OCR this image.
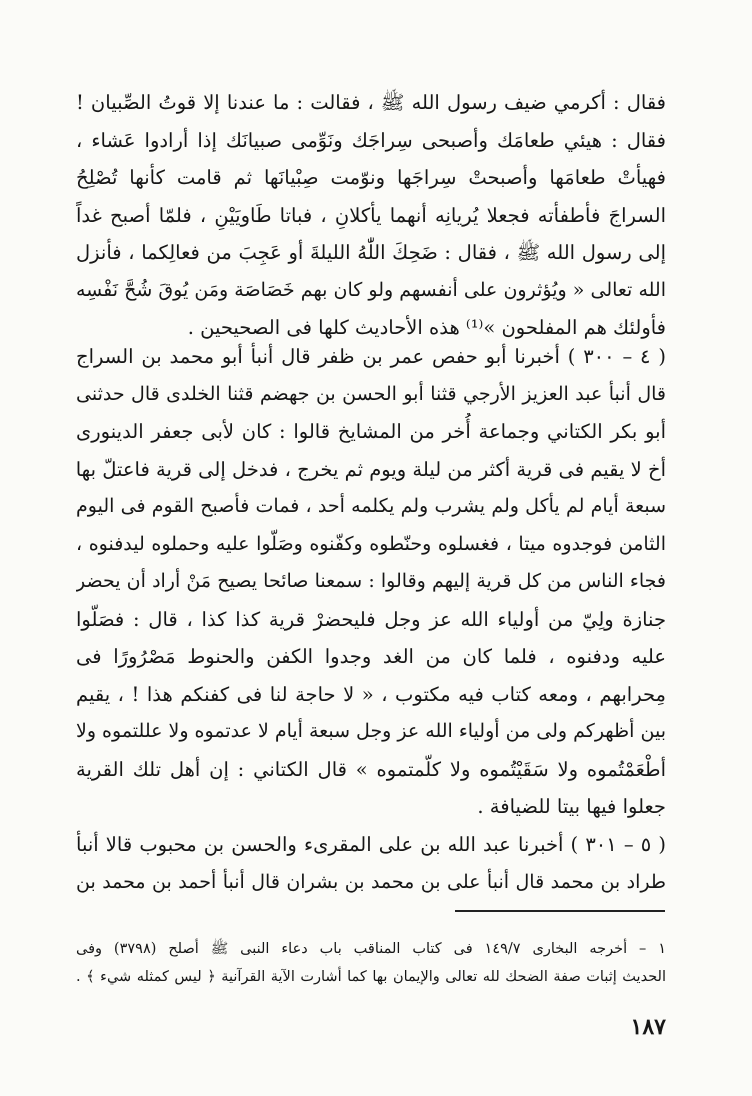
فقال : أكرمي ضيف رسول الله ﷺ ، فقالت : ما عندنا إلا قوتُ الصِّبيان !
فقال : هيئي طعامَك وأصبحى سِراجَك ونَوِّمى صبيانَك إذا أرادوا عَشاء ،
فهيأتْ طعامَها وأصبحتْ سِراجَها ونوّمت صِبْيانَها ثم قامت كأنها تُصْلِحُ
السراجَ فأطفأته فجعلا يُريانِه أنهما يأكلانِ ، فباتا طَاويَيْنِ ، فلمّا أصبح غداً
إلى رسول الله ﷺ ، فقال : ضَحِكَ اللّٰهُ الليلةَ أو عَجِبَ من فعالِكما ، فأنزل
الله تعالى « ويُؤثرون على أنفسهم ولو كان بهم خَصَاصَة ومَن يُوقَ شُحَّ نَفْسِه
فأولئك هم المفلحون »⁽¹⁾ هذه الأحاديث كلها فى الصحيحين .
( ٤ – ٣٠٠ ) أخبرنا أبو حفص عمر بن ظفر قال أنبأ أبو محمد بن السراج
قال أنبأ عبد العزيز الأرجي قثنا أبو الحسن بن جهضم قثنا الخلدى قال حدثنى
أبو بكر الكتاني وجماعة أُخر من المشايخ قالوا : كان لأبى جعفر الدينورى
أخ لا يقيم فى قرية أكثر من ليلة ويوم ثم يخرج ، فدخل إلى قرية فاعتلّ بها
سبعة أيام لم يأكل ولم يشرب ولم يكلمه أحد ، فمات فأصبح القوم فى اليوم
الثامن فوجدوه ميتا ، فغسلوه وحنّطوه وكفّنوه وصَلّوا عليه وحملوه ليدفنوه ،
فجاء الناس من كل قرية إليهم وقالوا : سمعنا صائحا يصيح مَنْ أراد أن يحضر
جنازة ولِيّ من أولياء الله عز وجل فليحضرْ قرية كذا كذا ، قال : فصَلّوا
عليه ودفنوه ، فلما كان من الغد وجدوا الكفن والحنوط مَصْرُورًا فى
مِحرابهم ، ومعه كتاب فيه مكتوب ، « لا حاجة لنا فى كفنكم هذا ! ، يقيم
بين أظهركم ولى من أولياء الله عز وجل سبعة أيام لا عدتموه ولا عللتموه ولا
أطْعَمْتُموه ولا سَقَيْتُموه ولا كلّمتموه » قال الكتاني : إن أهل تلك القرية
جعلوا فيها بيتا للضيافة .
( ٥ – ٣٠١ ) أخبرنا عبد الله بن على المقرىء والحسن بن محبوب قالا أنبأ
طراد بن محمد قال أنبأ على بن محمد بن بشران قال أنبأ أحمد بن محمد بن
١ – أخرجه البخارى ١٤٩/٧ فى كتاب المناقب باب دعاء النبى ﷺ أصلح (٣٧٩٨) وفى
الحديث إثبات صفة الضحك لله تعالى والإيمان بها كما أشارت الآية القرآنية ﴿ ليس كمثله شيء ﴾ .
١٨٧
